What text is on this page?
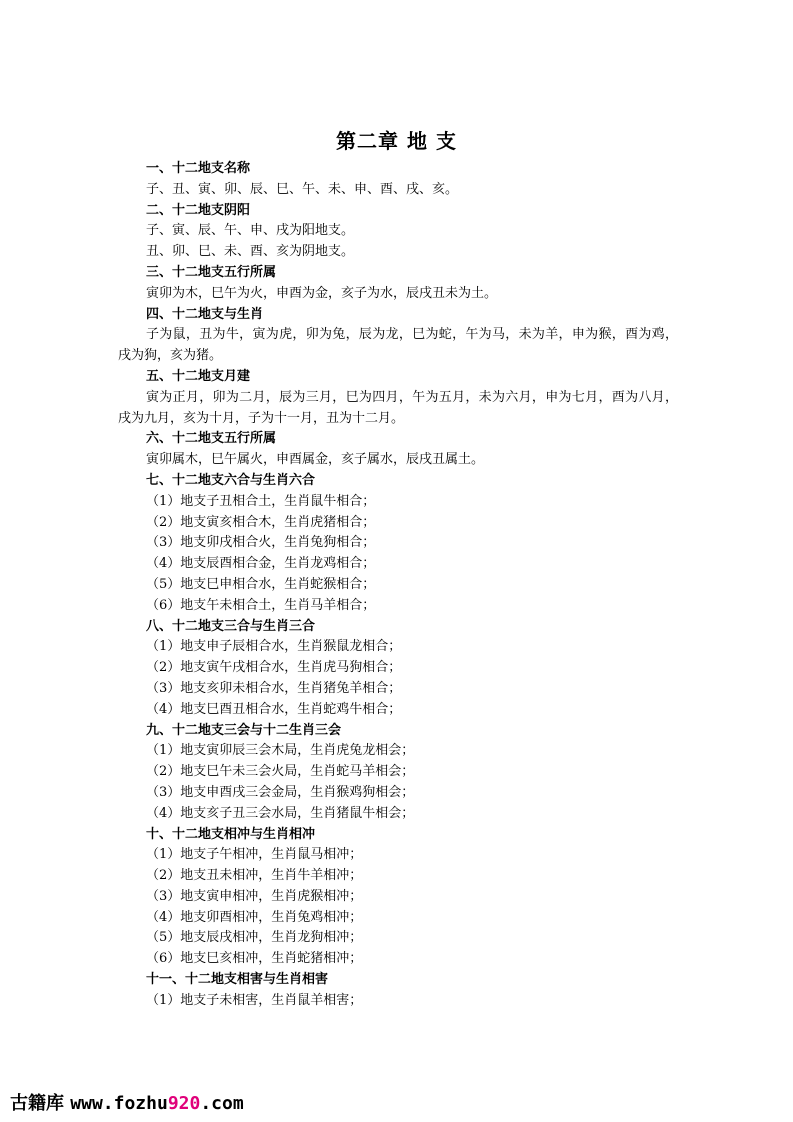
第二章 地 支
一、十二地支名称
子、丑、寅、卯、辰、巳、午、未、申、酉、戌、亥。
二、十二地支阴阳
子、寅、辰、午、申、戌为阳地支。
丑、卯、巳、未、酉、亥为阴地支。
三、十二地支五行所属
寅卯为木，巳午为火，申酉为金，亥子为水，辰戌丑未为土。
四、十二地支与生肖
子为鼠，丑为牛，寅为虎，卯为兔，辰为龙，巳为蛇，午为马，未为羊，申为猴，酉为鸡，戌为狗，亥为猪。
五、十二地支月建
寅为正月，卯为二月，辰为三月，巳为四月，午为五月，未为六月，申为七月，酉为八月，戌为九月，亥为十月，子为十一月，丑为十二月。
六、十二地支五行所属
寅卯属木，巳午属火，申酉属金，亥子属水，辰戌丑属土。
七、十二地支六合与生肖六合
（1）地支子丑相合土，生肖鼠牛相合；
（2）地支寅亥相合木，生肖虎猪相合；
（3）地支卯戌相合火，生肖兔狗相合；
（4）地支辰酉相合金，生肖龙鸡相合；
（5）地支巳申相合水，生肖蛇猴相合；
（6）地支午未相合土，生肖马羊相合；
八、十二地支三合与生肖三合
（1）地支申子辰相合水，生肖猴鼠龙相合；
（2）地支寅午戌相合水，生肖虎马狗相合；
（3）地支亥卯未相合水，生肖猪兔羊相合；
（4）地支巳酉丑相合水，生肖蛇鸡牛相合；
九、十二地支三会与十二生肖三会
（1）地支寅卯辰三会木局，生肖虎兔龙相会；
（2）地支巳午未三会火局，生肖蛇马羊相会；
（3）地支申酉戌三会金局，生肖猴鸡狗相会；
（4）地支亥子丑三会水局，生肖猪鼠牛相会；
十、十二地支相冲与生肖相冲
（1）地支子午相冲，生肖鼠马相冲；
（2）地支丑未相冲，生肖牛羊相冲；
（3）地支寅申相冲，生肖虎猴相冲；
（4）地支卯酉相冲，生肖兔鸡相冲；
（5）地支辰戌相冲，生肖龙狗相冲；
（6）地支巳亥相冲，生肖蛇猪相冲；
十一、十二地支相害与生肖相害
（1）地支子未相害，生肖鼠羊相害；
古籍库 www.fozhu920.com
